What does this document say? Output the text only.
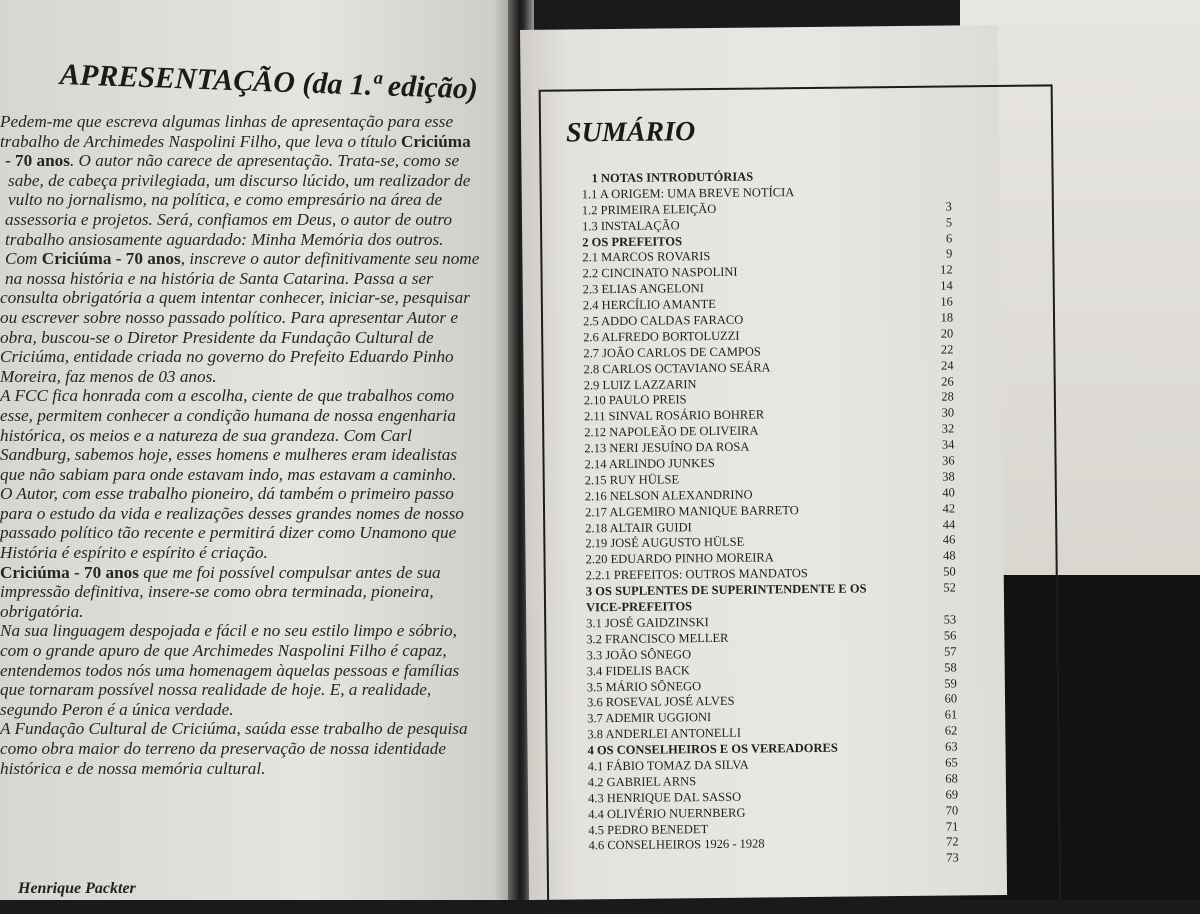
APRESENTAÇÃO (da 1.ª edição)
Pedem-me que escreva algumas linhas de apresentação para esse
trabalho de Archimedes Naspolini Filho, que leva o título Criciúma
- 70 anos. O autor não carece de apresentação. Trata-se, como se
sabe, de cabeça privilegiada, um discurso lúcido, um realizador de
vulto no jornalismo, na política, e como empresário na área de
assessoria e projetos. Será, confiamos em Deus, o autor de outro
trabalho ansiosamente aguardado: Minha Memória dos outros.
Com Criciúma - 70 anos, inscreve o autor definitivamente seu nome
na nossa história e na história de Santa Catarina. Passa a ser
consulta obrigatória a quem intentar conhecer, iniciar-se, pesquisar
ou escrever sobre nosso passado político. Para apresentar Autor e
obra, buscou-se o Diretor Presidente da Fundação Cultural de
Criciúma, entidade criada no governo do Prefeito Eduardo Pinho
Moreira, faz menos de 03 anos.
A FCC fica honrada com a escolha, ciente de que trabalhos como
esse, permitem conhecer a condição humana de nossa engenharia
histórica, os meios e a natureza de sua grandeza. Com Carl
Sandburg, sabemos hoje, esses homens e mulheres eram idealistas
que não sabiam para onde estavam indo, mas estavam a caminho.
O Autor, com esse trabalho pioneiro, dá também o primeiro passo
para o estudo da vida e realizações desses grandes nomes de nosso
passado político tão recente e permitirá dizer como Unamono que
História é espírito e espírito é criação.
Criciúma - 70 anos que me foi possível compulsar antes de sua
impressão definitiva, insere-se como obra terminada, pioneira,
obrigatória.
Na sua linguagem despojada e fácil e no seu estilo limpo e sóbrio,
com o grande apuro de que Archimedes Naspolini Filho é capaz,
entendemos todos nós uma homenagem àquelas pessoas e famílias
que tornaram possível nossa realidade de hoje. E, a realidade,
segundo Peron é a única verdade.
A Fundação Cultural de Criciúma, saúda esse trabalho de pesquisa
como obra maior do terreno da preservação de nossa identidade
histórica e de nossa memória cultural.
Henrique Packter
SUMÁRIO
1 NOTAS INTRODUTÓRIAS
1.1 A ORIGEM: UMA BREVE NOTÍCIA
1.2 PRIMEIRA ELEIÇÃO	3
1.3 INSTALAÇÃO	5
2 OS PREFEITOS	6
2.1 MARCOS ROVARIS	9
2.2 CINCINATO NASPOLINI	12
2.3 ELIAS ANGELONI	14
2.4 HERCÍLIO AMANTE	16
2.5 ADDO CALDAS FARACO	18
2.6 ALFREDO BORTOLUZZI	20
2.7 JOÃO CARLOS DE CAMPOS	22
2.8 CARLOS OCTAVIANO SEÁRA	24
2.9 LUIZ LAZZARIN	26
2.10 PAULO PREIS	28
2.11 SINVAL ROSÁRIO BOHRER	30
2.12 NAPOLEÃO DE OLIVEIRA	32
2.13 NERI JESUÍNO DA ROSA	34
2.14 ARLINDO JUNKES	36
2.15 RUY HÜLSE	38
2.16 NELSON ALEXANDRINO	40
2.17 ALGEMIRO MANIQUE BARRETO	42
2.18 ALTAIR GUIDI	44
2.19 JOSÉ AUGUSTO HÜLSE	46
2.20 EDUARDO PINHO MOREIRA	48
2.2.1 PREFEITOS: OUTROS MANDATOS	50
3 OS SUPLENTES DE SUPERINTENDENTE E OS	52
VICE-PREFEITOS
3.1 JOSÉ GAIDZINSKI	53
3.2 FRANCISCO MELLER	56
3.3 JOÃO SÔNEGO	57
3.4 FIDELIS BACK	58
3.5 MÁRIO SÔNEGO	59
3.6 ROSEVAL JOSÉ ALVES	60
3.7 ADEMIR UGGIONI	61
3.8 ANDERLEI ANTONELLI	62
4 OS CONSELHEIROS E OS VEREADORES	63
4.1 FÁBIO TOMAZ DA SILVA	65
4.2 GABRIEL ARNS	68
4.3 HENRIQUE DAL SASSO	69
4.4 OLIVÉRIO NUERNBERG	70
4.5 PEDRO BENEDET	71
4.6 CONSELHEIROS 1926 - 1928	72
73
